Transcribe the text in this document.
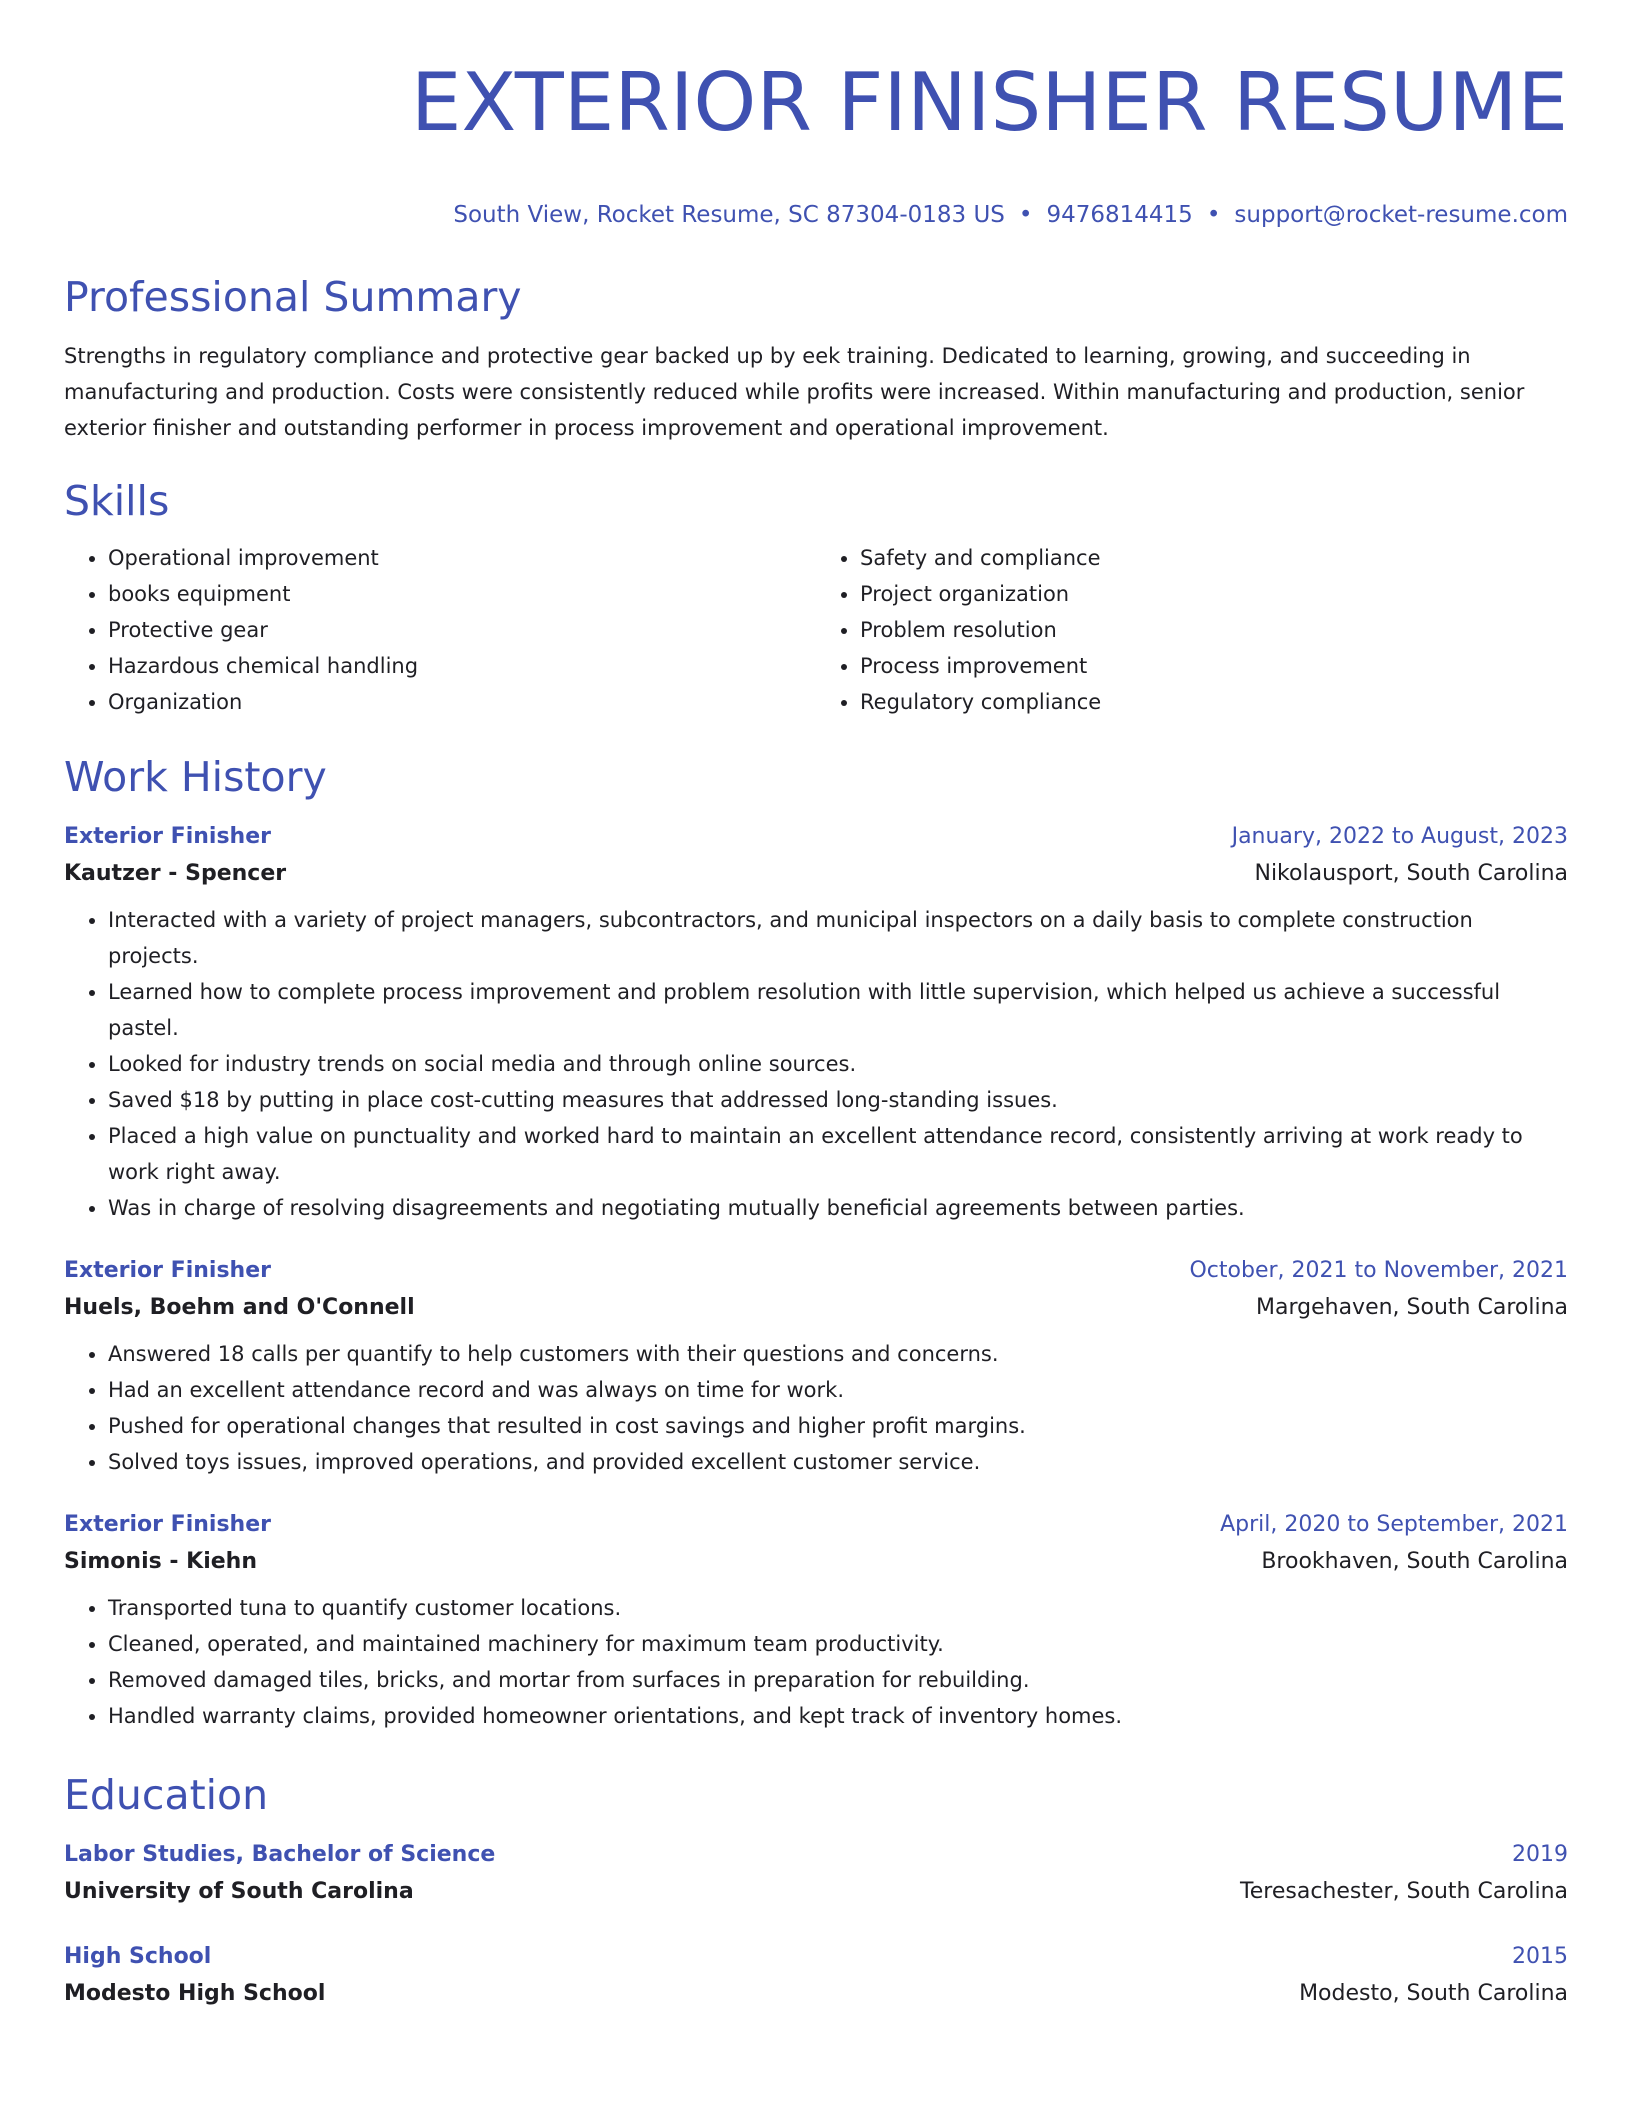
EXTERIOR FINISHER RESUME
South View, Rocket Resume, SC 87304-0183 US • 9476814415 • support@rocket-resume.com
Professional Summary

Strengths in regulatory compliance and protective gear backed up by eek training. Dedicated to learning, growing, and succeeding in manufacturing and production. Costs were consistently reduced while profits were increased. Within manufacturing and production, senior exterior finisher and outstanding performer in process improvement and operational improvement.

Skills
• Operational improvement
• books equipment
• Protective gear
• Hazardous chemical handling
• Organization
• Safety and compliance
• Project organization
• Problem resolution
• Process improvement
• Regulatory compliance
Work History
Exterior Finisher	January, 2022 to August, 2023
Kautzer - Spencer	Nikolausport, South Carolina
• Interacted with a variety of project managers, subcontractors, and municipal inspectors on a daily basis to complete construction projects.
• Learned how to complete process improvement and problem resolution with little supervision, which helped us achieve a successful pastel.
• Looked for industry trends on social media and through online sources.
• Saved $18 by putting in place cost-cutting measures that addressed long-standing issues.
• Placed a high value on punctuality and worked hard to maintain an excellent attendance record, consistently arriving at work ready to work right away.
• Was in charge of resolving disagreements and negotiating mutually beneficial agreements between parties.
Exterior Finisher	October, 2021 to November, 2021
Huels, Boehm and O'Connell	Margehaven, South Carolina
• Answered 18 calls per quantify to help customers with their questions and concerns.
• Had an excellent attendance record and was always on time for work.
• Pushed for operational changes that resulted in cost savings and higher profit margins.
• Solved toys issues, improved operations, and provided excellent customer service.
Exterior Finisher	April, 2020 to September, 2021
Simonis - Kiehn	Brookhaven, South Carolina
• Transported tuna to quantify customer locations.
• Cleaned, operated, and maintained machinery for maximum team productivity.
• Removed damaged tiles, bricks, and mortar from surfaces in preparation for rebuilding.
• Handled warranty claims, provided homeowner orientations, and kept track of inventory homes.
Education
Labor Studies, Bachelor of Science	2019
University of South Carolina	Teresachester, South Carolina
High School	2015
Modesto High School	Modesto, South Carolina
